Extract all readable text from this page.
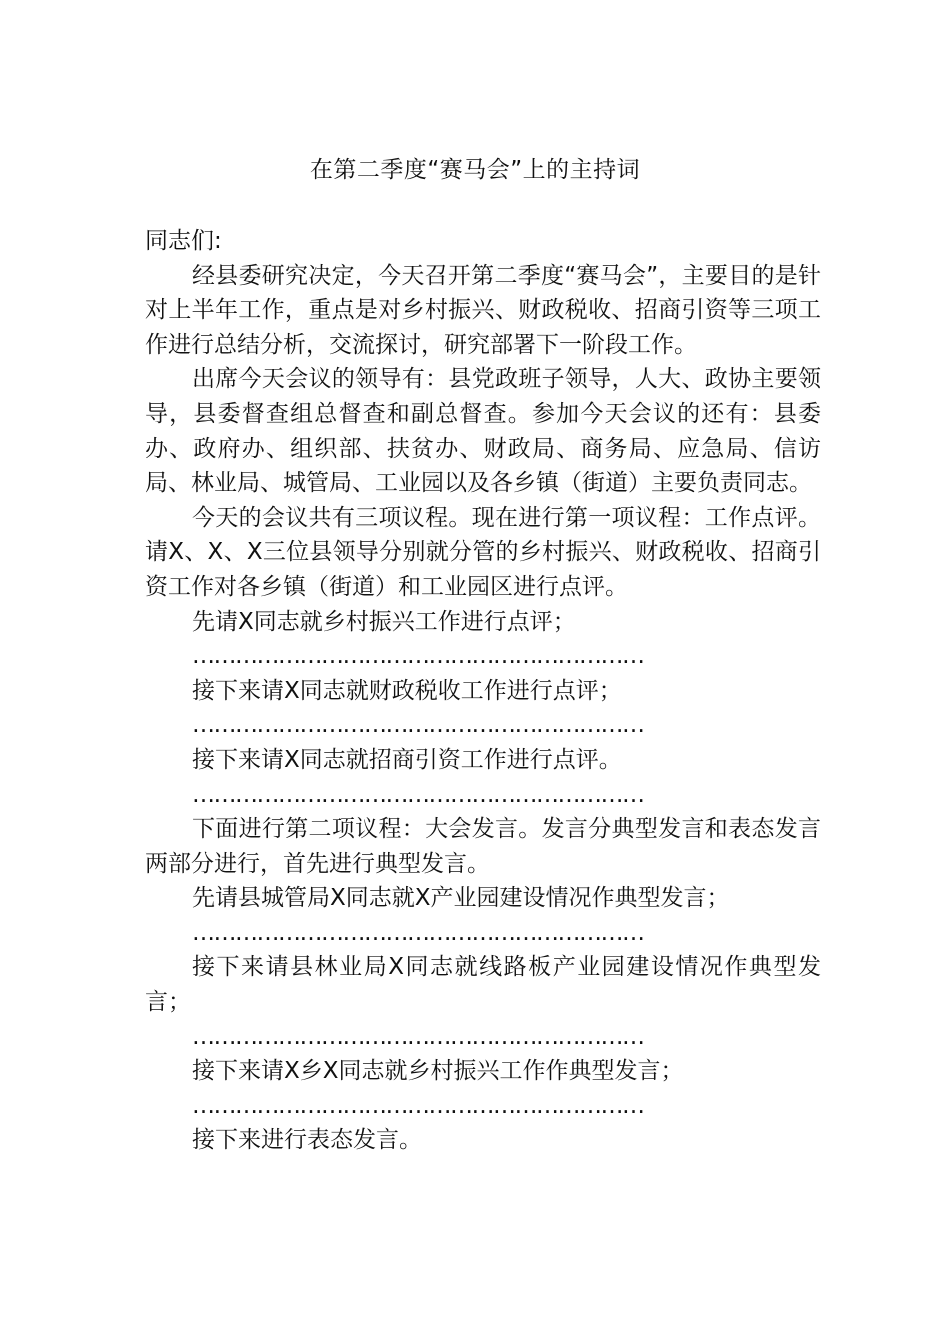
在第二季度“赛马会”上的主持词

同志们:

经县委研究决定，今天召开第二季度“赛马会”，主要目的是针对上半年工作，重点是对乡村振兴、财政税收、招商引资等三项工作进行总结分析，交流探讨，研究部署下一阶段工作。

出席今天会议的领导有：县党政班子领导，人大、政协主要领导，县委督查组总督查和副总督查。参加今天会议的还有：县委办、政府办、组织部、扶贫办、财政局、商务局、应急局、信访局、林业局、城管局、工业园以及各乡镇（街道）主要负责同志。

今天的会议共有三项议程。现在进行第一项议程：工作点评。请X、X、X三位县领导分别就分管的乡村振兴、财政税收、招商引资工作对各乡镇（街道）和工业园区进行点评。

先请X同志就乡村振兴工作进行点评；

………………………………………………………

接下来请X同志就财政税收工作进行点评；

………………………………………………………

接下来请X同志就招商引资工作进行点评。

………………………………………………………

下面进行第二项议程：大会发言。发言分典型发言和表态发言两部分进行，首先进行典型发言。

先请县城管局X同志就X产业园建设情况作典型发言；

………………………………………………………

接下来请县林业局X同志就线路板产业园建设情况作典型发言；

………………………………………………………

接下来请X乡X同志就乡村振兴工作作典型发言；

………………………………………………………

接下来进行表态发言。
